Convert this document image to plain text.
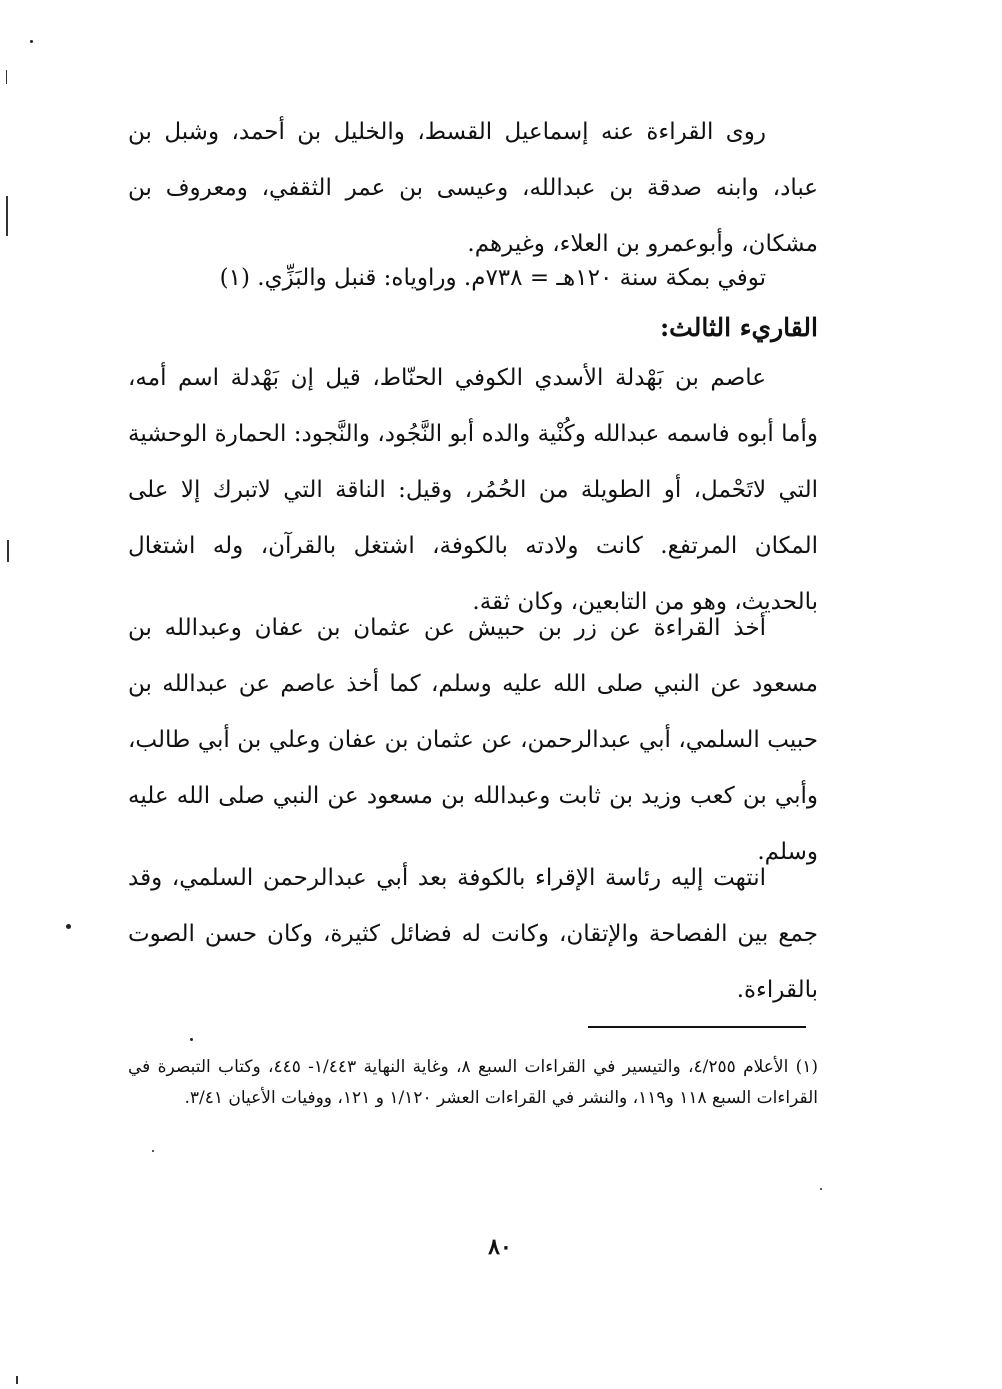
روى القراءة عنه إسماعيل القسط، والخليل بن أحمد، وشبل بن عباد، وابنه صدقة بن عبدالله، وعيسى بن عمر الثقفي، ومعروف بن مشكان، وأبوعمرو بن العلاء، وغيرهم.

توفي بمكة سنة ١٢٠هـ = ٧٣٨م. وراوياه: قنبل والبَزِّي. (١)

القاريء الثالث:

عاصم بن بَهْدلة الأسدي الكوفي الحنّاط، قيل إن بَهْدلة اسم أمه، وأما أبوه فاسمه عبدالله وكُنْية والده أبو النَّجُود، والنَّجود: الحمارة الوحشية التي لاتَحْمل، أو الطويلة من الحُمُر، وقيل: الناقة التي لاتبرك إلا على المكان المرتفع. كانت ولادته بالكوفة، اشتغل بالقرآن، وله اشتغال بالحديث، وهو من التابعين، وكان ثقة.

أخذ القراءة عن زر بن حبيش عن عثمان بن عفان وعبدالله بن مسعود عن النبي صلى الله عليه وسلم، كما أخذ عاصم عن عبدالله بن حبيب السلمي، أبي عبدالرحمن، عن عثمان بن عفان وعلي بن أبي طالب، وأبي بن كعب وزيد بن ثابت وعبدالله بن مسعود عن النبي صلى الله عليه وسلم.

انتهت إليه رئاسة الإقراء بالكوفة بعد أبي عبدالرحمن السلمي، وقد جمع بين الفصاحة والإتقان، وكانت له فضائل كثيرة، وكان حسن الصوت بالقراءة.

(١) الأعلام ٤/٢٥٥، والتيسير في القراءات السبع ٨، وغاية النهاية ١/٤٤٣- ٤٤٥، وكتاب التبصرة في القراءات السبع ١١٨ و١١٩، والنشر في القراءات العشر ١/١٢٠ و ١٢١، ووفيات الأعيان ٣/٤١.

٨٠
